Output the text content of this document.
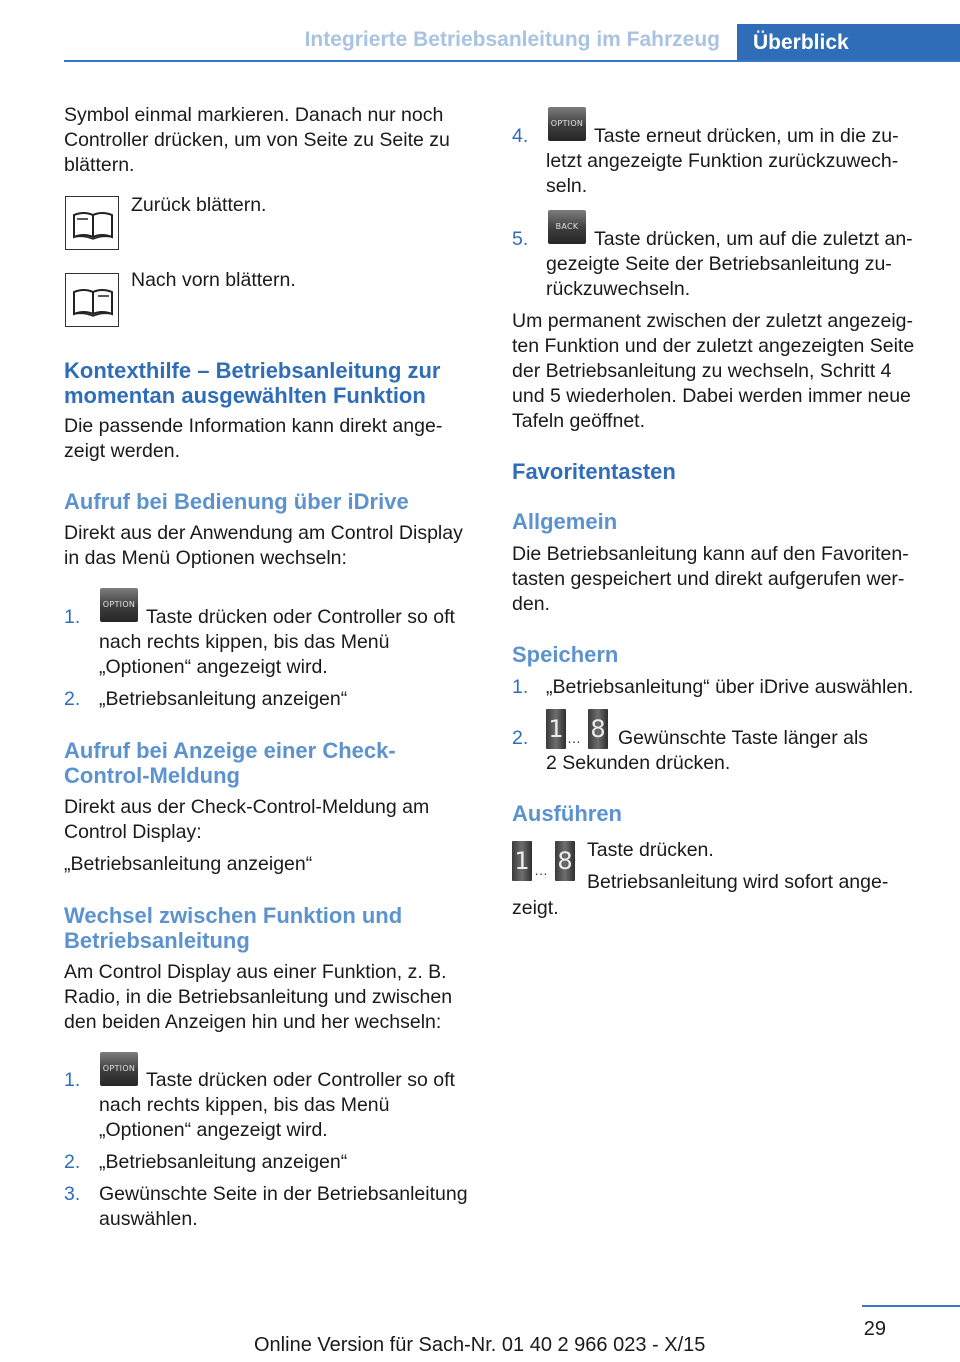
Integrierte Betriebsanleitung im Fahrzeug	Überblick

Symbol einmal markieren. Danach nur noch

Controller drücken, um von Seite zu Seite zu

blättern.

Zurück blättern.

Nach vorn blättern.

Kontexthilfe – Betriebsanleitung zur
momentan ausgewählten Funktion

Die passende Information kann direkt ange-

zeigt werden.

Aufruf bei Bedienung über iDrive

Direkt aus der Anwendung am Control Display

in das Menü Optionen wechseln:

1.
OPTION
Taste drücken oder Controller so oft
nach rechts kippen, bis das Menü
„Optionen“ angezeigt wird.
2. „Betriebsanleitung anzeigen“
Aufruf bei Anzeige einer Check-
Control-Meldung

Direkt aus der Check-Control-Meldung am

Control Display:

„Betriebsanleitung anzeigen“

Wechsel zwischen Funktion und
Betriebsanleitung

Am Control Display aus einer Funktion, z. B.

Radio, in die Betriebsanleitung und zwischen

den beiden Anzeigen hin und her wechseln:

1.
OPTION
Taste drücken oder Controller so oft
nach rechts kippen, bis das Menü
„Optionen“ angezeigt wird.
2. „Betriebsanleitung anzeigen“
3. Gewünschte Seite in der Betriebsanleitung
auswählen.
4.
OPTION
Taste erneut drücken, um in die zu-
letzt angezeigte Funktion zurückzuwech-
seln.
5.
BACK
Taste drücken, um auf die zuletzt an-
gezeigte Seite der Betriebsanleitung zu-
rückzuwechseln.

Um permanent zwischen der zuletzt angezeig-

ten Funktion und der zuletzt angezeigten Seite

der Betriebsanleitung zu wechseln, Schritt 4

und 5 wiederholen. Dabei werden immer neue

Tafeln geöffnet.

Favoritentasten
Allgemein

Die Betriebsanleitung kann auf den Favoriten-

tasten gespeichert und direkt aufgerufen wer-

den.

Speichern
1. „Betriebsanleitung“ über iDrive auswählen.
2. 1 … 8 Gewünschte Taste länger als
2 Sekunden drücken.
Ausführen
1 … 8 Taste drücken.

Betriebsanleitung wird sofort ange-

zeigt.

29
Online Version für Sach-Nr. 01 40 2 966 023 - X/15
